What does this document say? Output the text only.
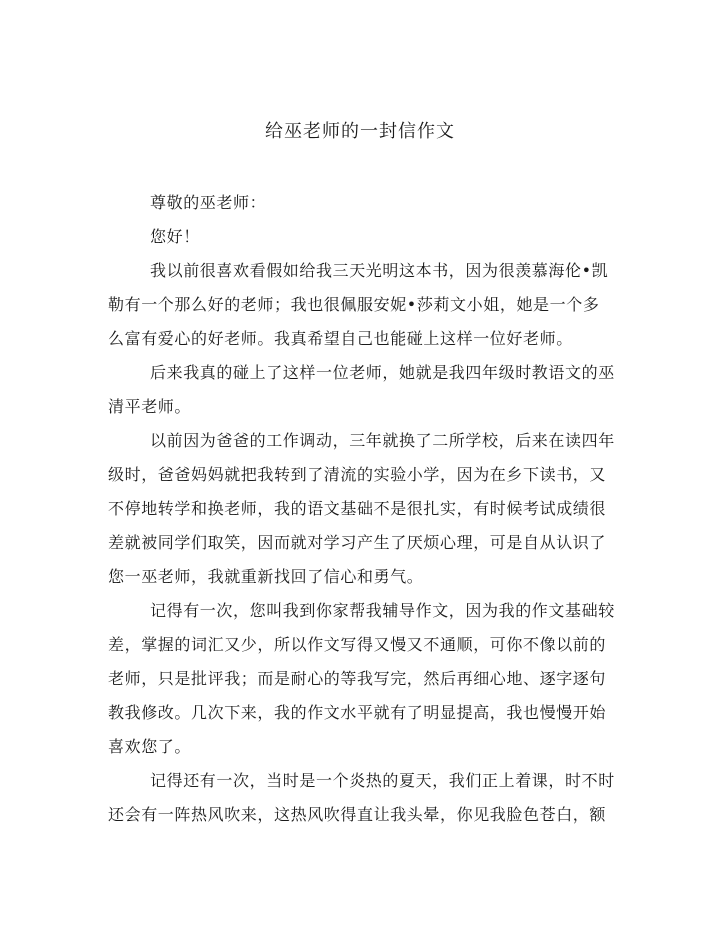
给巫老师的一封信作文
尊敬的巫老师：
您好！
我以前很喜欢看假如给我三天光明这本书，因为很羡慕海伦•凯
勒有一个那么好的老师；我也很佩服安妮•莎莉文小姐，她是一个多
么富有爱心的好老师。我真希望自己也能碰上这样一位好老师。
后来我真的碰上了这样一位老师，她就是我四年级时教语文的巫
清平老师。
以前因为爸爸的工作调动，三年就换了二所学校，后来在读四年
级时，爸爸妈妈就把我转到了清流的实验小学，因为在乡下读书，又
不停地转学和换老师，我的语文基础不是很扎实，有时候考试成绩很
差就被同学们取笑，因而就对学习产生了厌烦心理，可是自从认识了
您一巫老师，我就重新找回了信心和勇气。
记得有一次，您叫我到你家帮我辅导作文，因为我的作文基础较
差，掌握的词汇又少，所以作文写得又慢又不通顺，可你不像以前的
老师，只是批评我；而是耐心的等我写完，然后再细心地、逐字逐句
教我修改。几次下来，我的作文水平就有了明显提高，我也慢慢开始
喜欢您了。
记得还有一次，当时是一个炎热的夏天，我们正上着课，时不时
还会有一阵热风吹来，这热风吹得直让我头晕，你见我脸色苍白，额
